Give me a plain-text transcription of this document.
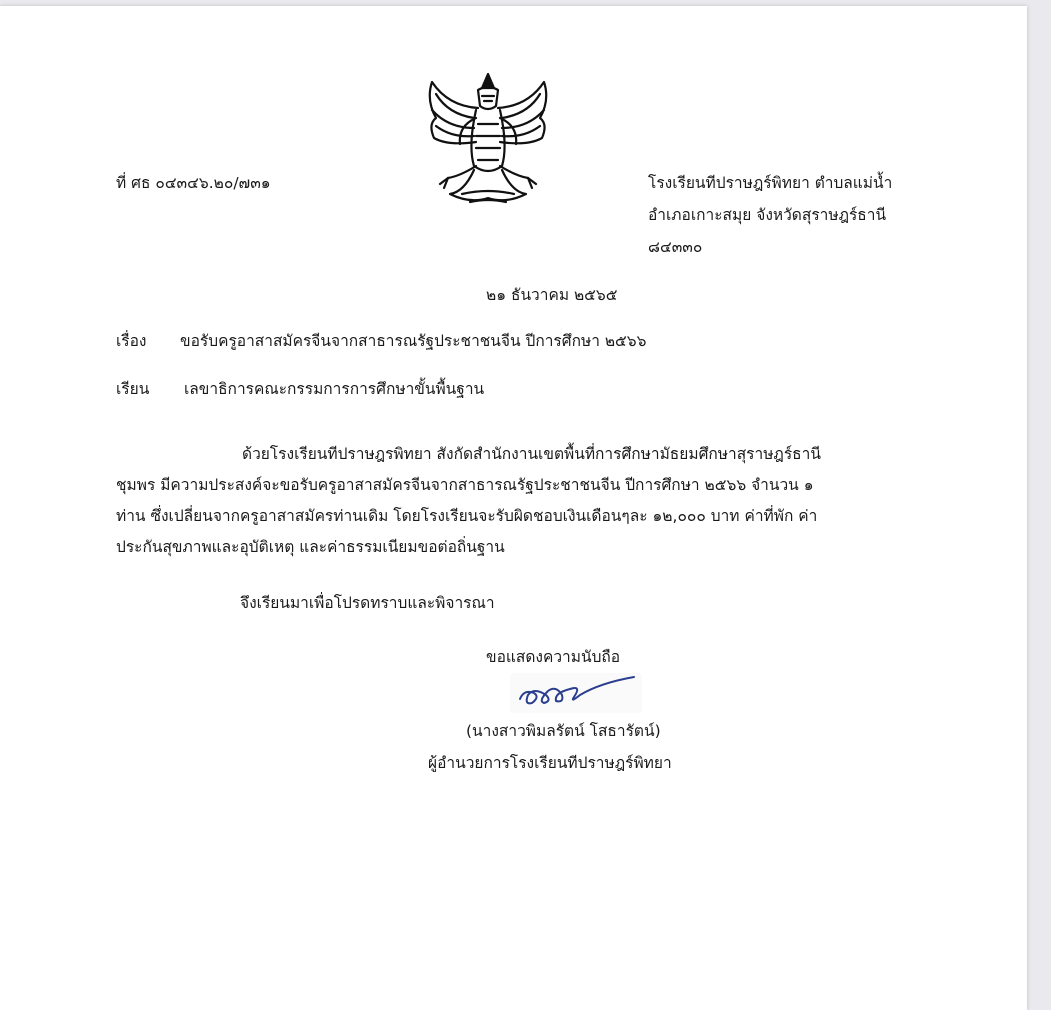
ที่ ศธ ๐๔๓๔๖.๒๐/๗๓๑	โรงเรียนทีปราษฎร์พิทยา ตำบลแม่น้ำ
อำเภอเกาะสมุย จังหวัดสุราษฎร์ธานี
๘๔๓๓๐
๒๑ ธันวาคม ๒๕๖๕
เรื่อง ขอรับครูอาสาสมัครจีนจากสาธารณรัฐประชาชนจีน ปีการศึกษา ๒๕๖๖
เรียน เลขาธิการคณะกรรมการการศึกษาขั้นพื้นฐาน
ด้วยโรงเรียนทีปราษฎรพิทยา สังกัดสำนักงานเขตพื้นที่การศึกษามัธยมศึกษาสุราษฎร์ธานี
ชุมพร มีความประสงค์จะขอรับครูอาสาสมัครจีนจากสาธารณรัฐประชาชนจีน ปีการศึกษา ๒๕๖๖ จำนวน ๑
ท่าน ซึ่งเปลี่ยนจากครูอาสาสมัครท่านเดิม โดยโรงเรียนจะรับผิดชอบเงินเดือนๆละ ๑๒,๐๐๐ บาท ค่าที่พัก ค่า
ประกันสุขภาพและอุบัติเหตุ และค่าธรรมเนียมขอต่อถิ่นฐาน
จึงเรียนมาเพื่อโปรดทราบและพิจารณา
ขอแสดงความนับถือ
(นางสาวพิมลรัตน์ โสธารัตน์)
ผู้อำนวยการโรงเรียนทีปราษฎร์พิทยา
